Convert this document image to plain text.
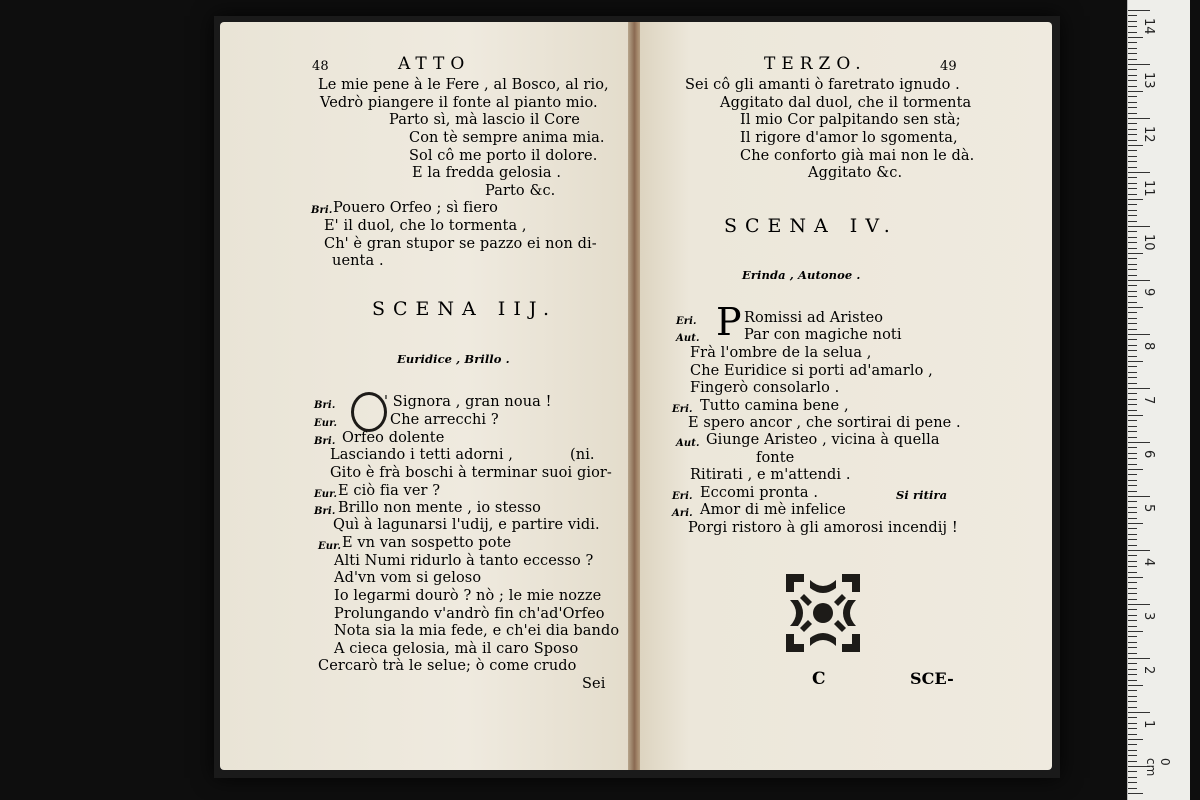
48	ATTO
Le mie pene à le Fere , al Bosco, al rio,
Vedrò piangere il fonte al pianto mio.
Parto sì, mà lascio il Core
Con tè sempre anima mia.
Sol cô me porto il dolore.
E la fredda gelosia .
Parto &c.
Bri. Pouero Orfeo ; sì fiero
E' il duol, che lo tormenta ,
Ch' è gran stupor se pazzo ei non di-
uenta .
SCENA IIJ.
Euridice , Brillo .
Bri.	' Signora , gran noua !
Eur.	Che arrecchi ?
Bri. Orfeo dolente
Lasciando i tetti adorni ,	(ni.
Gito è frà boschi à terminar suoi gior-
Eur. E ciò fia ver ?
Bri. Brillo non mente , io stesso
Quì à lagunarsi l'udij, e partire vidi.
Eur. E vn van sospetto pote
Alti Numi ridurlo à tanto eccesso ?
Ad'vn vom si geloso
Io legarmi dourò ? nò ; le mie nozze
Prolungando v'andrò fin ch'ad'Orfeo
Nota sia la mia fede, e ch'ei dia bando
A cieca gelosia, mà il caro Sposo
Cercarò trà le selue; ò come crudo
Sei
TERZO.	49
Sei cô gli amanti ò faretrato ignudo .
Aggitato dal duol, che il tormenta
Il mio Cor palpitando sen stà;
Il rigore d'amor lo sgomenta,
Che conforto già mai non le dà.
Aggitato &c.
SCENA IV.
Erinda , Autonoe .
P
Eri.	Romissi ad Aristeo
Aut.	Par con magiche noti
Frà l'ombre de la selua ,
Che Euridice si porti ad'amarlo ,
Fingerò consolarlo .
Eri. Tutto camina bene ,
E spero ancor , che sortirai di pene .
Aut. Giunge Aristeo , vicina à quella
fonte
Ritirati , e m'attendi .
Eri. Eccomi pronta .	Si ritira
Ari. Amor di mè infelice
Porgi ristoro à gli amorosi incendij !
C	SCE-
14
13
12
11
10
9
8
7
6
5
4
3
2
1
0 cm
